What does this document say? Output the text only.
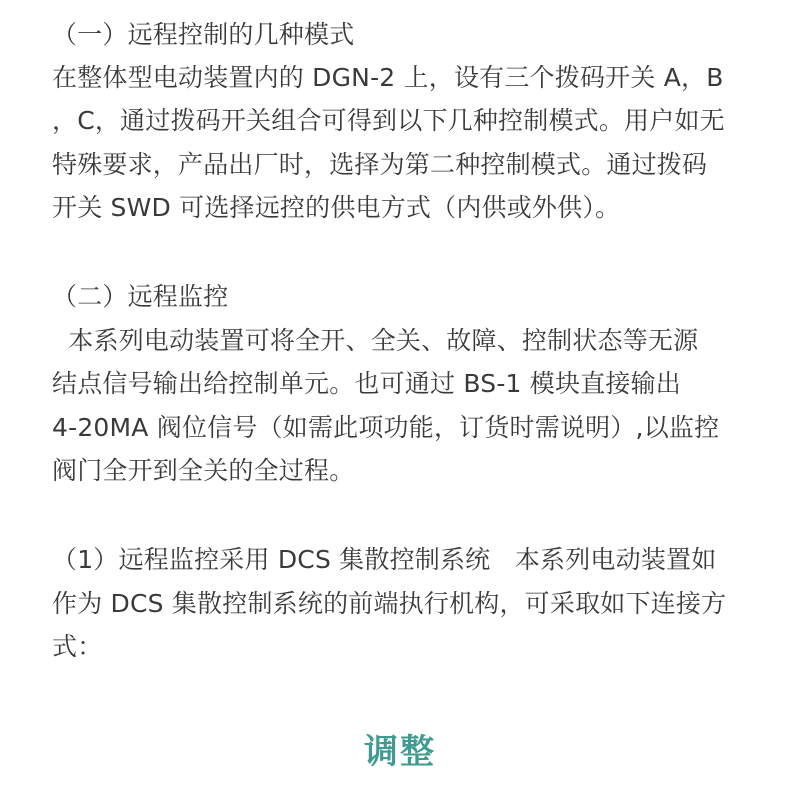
（一）远程控制的几种模式
在整体型电动装置内的 DGN-2 上，设有三个拨码开关 A，B
，C，通过拨码开关组合可得到以下几种控制模式。用户如无
特殊要求，产品出厂时，选择为第二种控制模式。通过拨码
开关 SWD 可选择远控的供电方式（内供或外供）。
（二）远程监控
本系列电动装置可将全开、全关、故障、控制状态等无源
结点信号输出给控制单元。也可通过 BS-1 模块直接输出
4-20MA 阀位信号（如需此项功能，订货时需说明）,以监控
阀门全开到全关的全过程。
（1）远程监控采用 DCS 集散控制系统   本系列电动装置如
作为 DCS 集散控制系统的前端执行机构，可采取如下连接方
式：
调整
